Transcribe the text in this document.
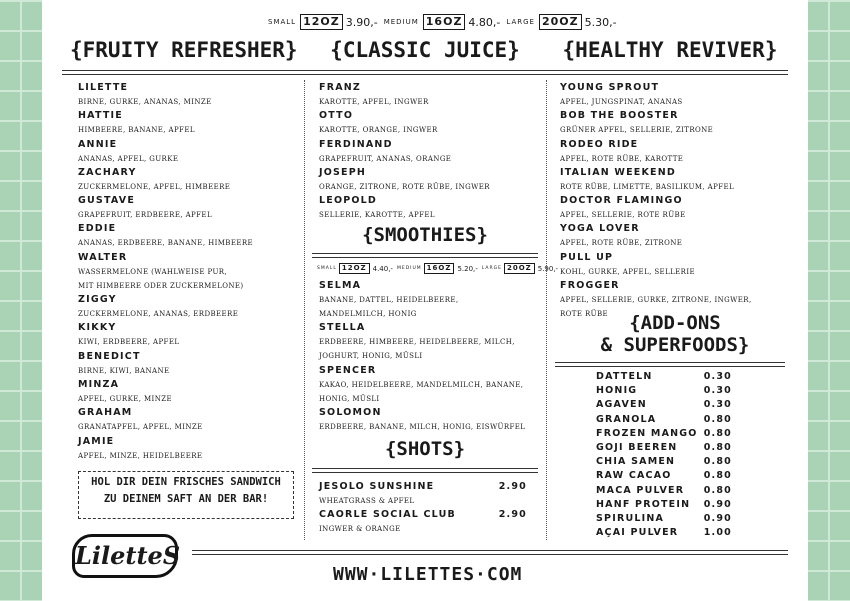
SMALL 12OZ 3.90,- MEDIUM 16OZ 4.80,- LARGE 20OZ 5.30,-
{FRUITY REFRESHER}	{CLASSIC JUICE}	{HEALTHY REVIVER}
LILETTE
BIRNE, GURKE, ANANAS, MINZE
HATTIE
HIMBEERE, BANANE, APFEL
ANNIE
ANANAS, APFEL, GURKE
ZACHARY
ZUCKERMELONE, APFEL, HIMBEERE
GUSTAVE
GRAPEFRUIT, ERDBEERE, APFEL
EDDIE
ANANAS, ERDBEERE, BANANE, HIMBEERE
WALTER
WASSERMELONE (WAHLWEISE PUR,
MIT HIMBEERE ODER ZUCKERMELONE)
ZIGGY
ZUCKERMELONE, ANANAS, ERDBEERE
KIKKY
KIWI, ERDBEERE, APFEL
BENEDICT
BIRNE, KIWI, BANANE
MINZA
APFEL, GURKE, MINZE
GRAHAM
GRANATAPFEL, APFEL, MINZE
JAMIE
APFEL, MINZE, HEIDELBEERE
HOL DIR DEIN FRISCHES SANDWICH
ZU DEINEM SAFT AN DER BAR!
FRANZ
KAROTTE, APFEL, INGWER
OTTO
KAROTTE, ORANGE, INGWER
FERDINAND
GRAPEFRUIT, ANANAS, ORANGE
JOSEPH
ORANGE, ZITRONE, ROTE RÜBE, INGWER
LEOPOLD
SELLERIE, KAROTTE, APFEL
{SMOOTHIES}
SMALL 12OZ 4.40,- MEDIUM 16OZ 5.20,- LARGE 20OZ 5.90,-
SELMA
BANANE, DATTEL, HEIDELBEERE,
MANDELMILCH, HONIG
STELLA
ERDBEERE, HIMBEERE, HEIDELBEERE, MILCH,
JOGHURT, HONIG, MÜSLI
SPENCER
KAKAO, HEIDELBEERE, MANDELMILCH, BANANE,
HONIG, MÜSLI
SOLOMON
ERDBEERE, BANANE, MILCH, HONIG, EISWÜRFEL
{SHOTS}
JESOLO SUNSHINE	2.90
WHEATGRASS & APFEL
CAORLE SOCIAL CLUB	2.90
INGWER & ORANGE
YOUNG SPROUT
APFEL, JUNGSPINAT, ANANAS
BOB THE BOOSTER
GRÜNER APFEL, SELLERIE, ZITRONE
RODEO RIDE
APFEL, ROTE RÜBE, KAROTTE
ITALIAN WEEKEND
ROTE RÜBE, LIMETTE, BASILIKUM, APFEL
DOCTOR FLAMINGO
APFEL, SELLERIE, ROTE RÜBE
YOGA LOVER
APFEL, ROTE RÜBE, ZITRONE
PULL UP
KOHL, GURKE, APFEL, SELLERIE
FROGGER
APFEL, SELLERIE, GURKE, ZITRONE, INGWER,
ROTE RÜBE	{ADD-ONS
& SUPERFOODS}
DATTELN	0.30
HONIG	0.30
AGAVEN	0.30
GRANOLA	0.80
FROZEN MANGO 0.80
GOJI BEEREN	0.80
CHIA SAMEN	0.80
RAW CACAO	0.80
MACA PULVER 0.80
HANF PROTEIN 0.90
SPIRULINA	0.90
AÇAI PULVER	1.00
LiletteS
WWW·LILETTES·COM
